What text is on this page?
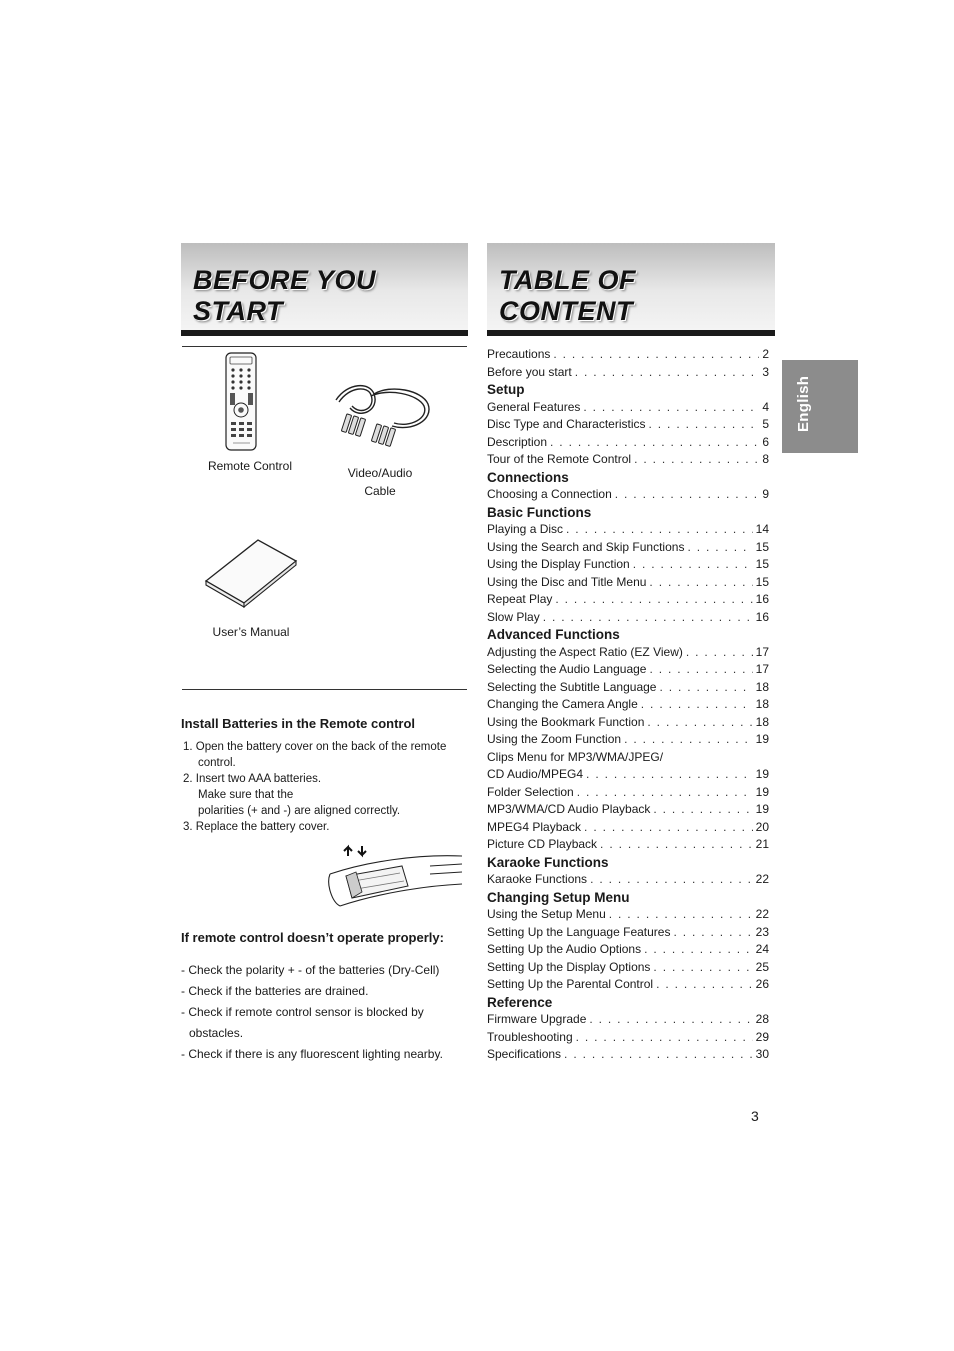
BEFORE YOU
START
TABLE OF
CONTENT
Remote Control	Video/Audio
Cable
User’s Manual
Install Batteries in the Remote control
1. Open the battery cover on the back of the remote
control.
2. Insert two AAA batteries.
Make sure that the
polarities (+ and -) are aligned correctly.
3. Replace the battery cover.
If remote control doesn’t operate properly:
- Check the polarity + - of the batteries (Dry-Cell)
- Check if the batteries are drained.
- Check if remote control sensor is blocked by
obstacles.
- Check if there is any fluorescent lighting nearby.
Precautions . . .	2
Before you start . . .	3
Setup
General Features . . .	4
Disc Type and Characteristics . . .	5
Description . . .	6
Tour of the Remote Control . . .	8
Connections
Choosing a Connection . . .	9
Basic Functions
Playing a Disc . . .	14
Using the Search and Skip Functions . . .	15
Using the Display Function . . .	15
Using the Disc and Title Menu . . .	15
Repeat Play . . .	16
Slow Play . . .	16
Advanced Functions
Adjusting the Aspect Ratio (EZ View) . . .	17
Selecting the Audio Language . . .	17
Selecting the Subtitle Language . . .	18
Changing the Camera Angle . . .	18
Using the Bookmark Function . . .	18
Using the Zoom Function . . .	19
Clips Menu for MP3/WMA/JPEG/
CD Audio/MPEG4 . . .	19
Folder Selection . . .	19
MP3/WMA/CD Audio Playback . . .	19
MPEG4 Playback . . .	20
Picture CD Playback . . .	21
Karaoke Functions
Karaoke Functions . . .	22
Changing Setup Menu
Using the Setup Menu . . .	22
Setting Up the Language Features . . .	23
Setting Up the Audio Options . . .	24
Setting Up the Display Options . . .	25
Setting Up the Parental Control . . .	26
Reference
Firmware Upgrade . . .	28
Troubleshooting . . .	29
Specifications . . .	30
English
3
